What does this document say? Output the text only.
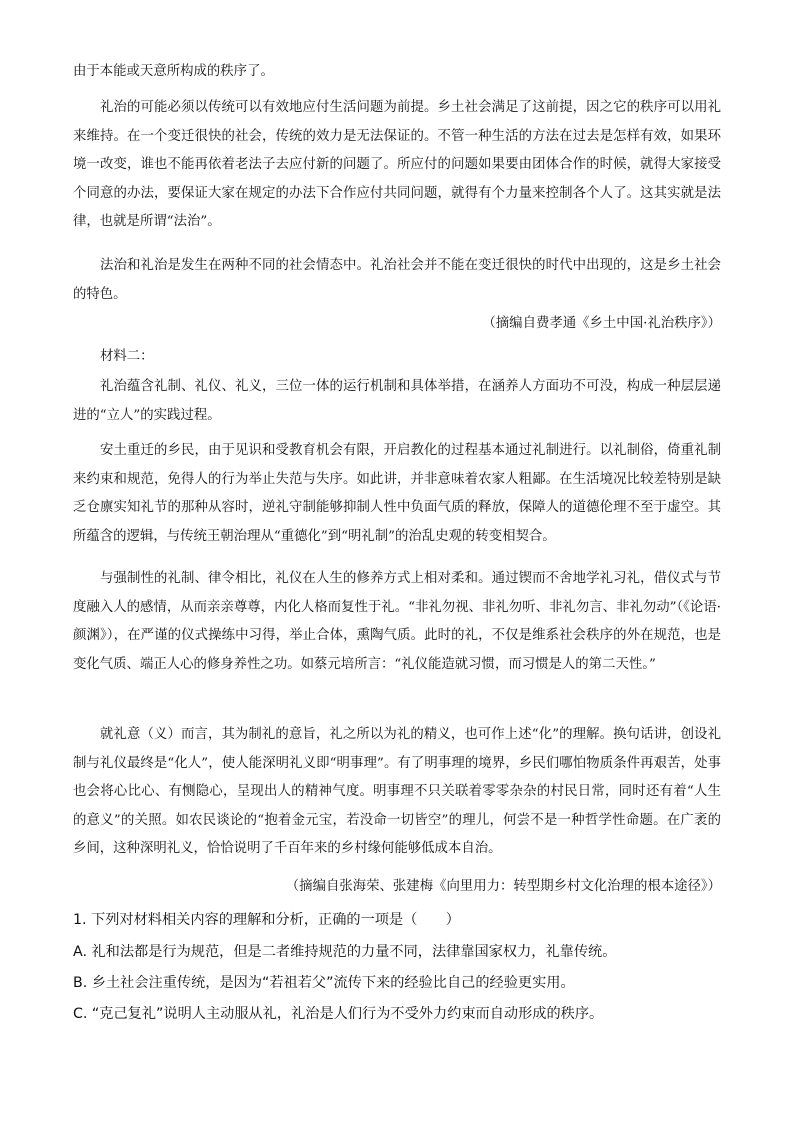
由于本能或天意所构成的秩序了。

礼治的可能必须以传统可以有效地应付生活问题为前提。乡土社会满足了这前提，因之它的秩序可以用礼来维持。在一个变迁很快的社会，传统的效力是无法保证的。不管一种生活的方法在过去是怎样有效，如果环境一改变，谁也不能再依着老法子去应付新的问题了。所应付的问题如果要由团体合作的时候，就得大家接受个同意的办法，要保证大家在规定的办法下合作应付共同问题，就得有个力量来控制各个人了。这其实就是法律，也就是所谓“法治”。

法治和礼治是发生在两种不同的社会情态中。礼治社会并不能在变迁很快的时代中出现的，这是乡土社会的特色。

（摘编自费孝通《乡土中国·礼治秩序》）
材料二：

礼治蕴含礼制、礼仪、礼义，三位一体的运行机制和具体举措，在涵养人方面功不可没，构成一种层层递进的“立人”的实践过程。

安土重迁的乡民，由于见识和受教育机会有限，开启教化的过程基本通过礼制进行。以礼制俗，倚重礼制来约束和规范，免得人的行为举止失范与失序。如此讲，并非意味着农家人粗鄙。在生活境况比较差特别是缺乏仓廪实知礼节的那种从容时，逆礼守制能够抑制人性中负面气质的释放，保障人的道德伦理不至于虚空。其所蕴含的逻辑，与传统王朝治理从“重德化”到“明礼制”的治乱史观的转变相契合。

与强制性的礼制、律令相比，礼仪在人生的修养方式上相对柔和。通过锲而不舍地学礼习礼，借仪式与节度融入人的感情，从而亲亲尊尊，内化人格而复性于礼。“非礼勿视、非礼勿听、非礼勿言、非礼勿动”（《论语·颜渊》），在严谨的仪式操练中习得，举止合体，熏陶气质。此时的礼，不仅是维系社会秩序的外在规范，也是变化气质、端正人心的修身养性之功。如蔡元培所言：“礼仪能造就习惯，而习惯是人的第二天性。”

就礼意（义）而言，其为制礼的意旨，礼之所以为礼的精义，也可作上述“化”的理解。换句话讲，创设礼制与礼仪最终是“化人”，使人能深明礼义即“明事理”。有了明事理的境界，乡民们哪怕物质条件再艰苦，处事也会将心比心、有恻隐心，呈现出人的精神气度。明事理不只关联着零零杂杂的村民日常，同时还有着“人生的意义”的关照。如农民谈论的“抱着金元宝，若没命一切皆空”的理儿，何尝不是一种哲学性命题。在广袤的乡间，这种深明礼义，恰恰说明了千百年来的乡村缘何能够低成本自治。

（摘编自张海荣、张建梅《向里用力：转型期乡村文化治理的根本途径》）
1. 下列对材料相关内容的理解和分析，正确的一项是（　　）
A. 礼和法都是行为规范，但是二者维持规范的力量不同，法律靠国家权力，礼靠传统。
B. 乡土社会注重传统，是因为“若祖若父”流传下来的经验比自己的经验更实用。
C. “克己复礼”说明人主动服从礼，礼治是人们行为不受外力约束而自动形成的秩序。
